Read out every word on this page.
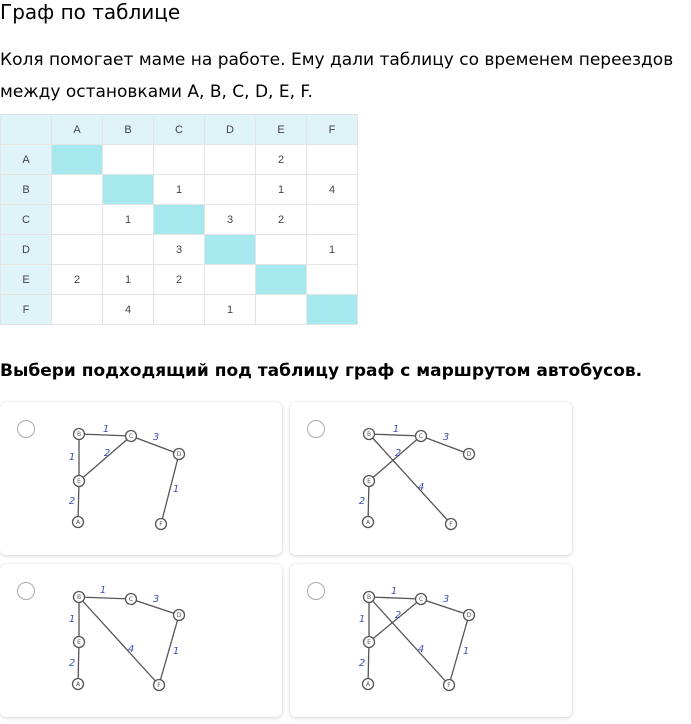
Граф по таблице
Коля помогает маме на работе. Ему дали таблицу со временем переездов между остановками A, B, C, D, E, F.
	A	B	C	D	E	F
A					2	
B			1		1	4
C		1		3	2	
D			3			1
E	2	1	2			
F		4		1		
Выбери подходящий под таблицу граф с маршрутом автобусов.
B	C
D
E
A	F
1
3
1
2
2
1
B	C
D
E
A	F
1
3
2
4
2
B	C
D
E
A	F
1
3
1
4
1
2
B	C
D
E
A	F
1
3
1
2
4
1
2
